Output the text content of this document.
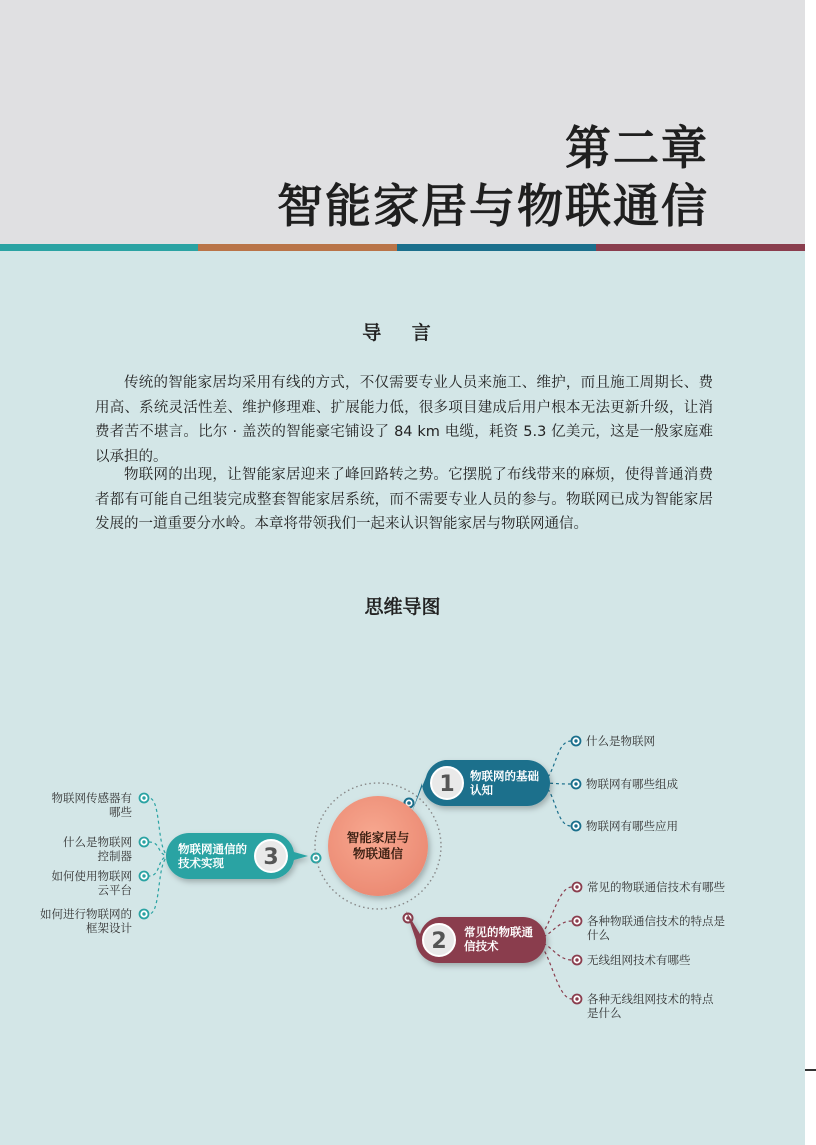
第二章
智能家居与物联通信
导 言

传统的智能家居均采用有线的方式，不仅需要专业人员来施工、维护，而且施工周期长、费用高、系统灵活性差、维护修理难、扩展能力低，很多项目建成后用户根本无法更新升级，让消费者苦不堪言。比尔 · 盖茨的智能豪宅铺设了 84 km 电缆，耗资 5.3 亿美元，这是一般家庭难以承担的。

物联网的出现，让智能家居迎来了峰回路转之势。它摆脱了布线带来的麻烦，使得普通消费者都有可能自己组装完成整套智能家居系统，而不需要专业人员的参与。物联网已成为智能家居发展的一道重要分水岭。本章将带领我们一起来认识智能家居与物联网通信。

思维导图
智能家居与物联通信
1 物联网的基础认知
2 常见的物联通信技术
3
物联网通信的技术实现
什么是物联网
物联网有哪些组成
物联网有哪些应用
常见的物联通信技术有哪些
各种物联通信技术的特点是什么
无线组网技术有哪些
各种无线组网技术的特点是什么
物联网传感器有哪些
什么是物联网控制器
如何使用物联网云平台
如何进行物联网的框架设计
